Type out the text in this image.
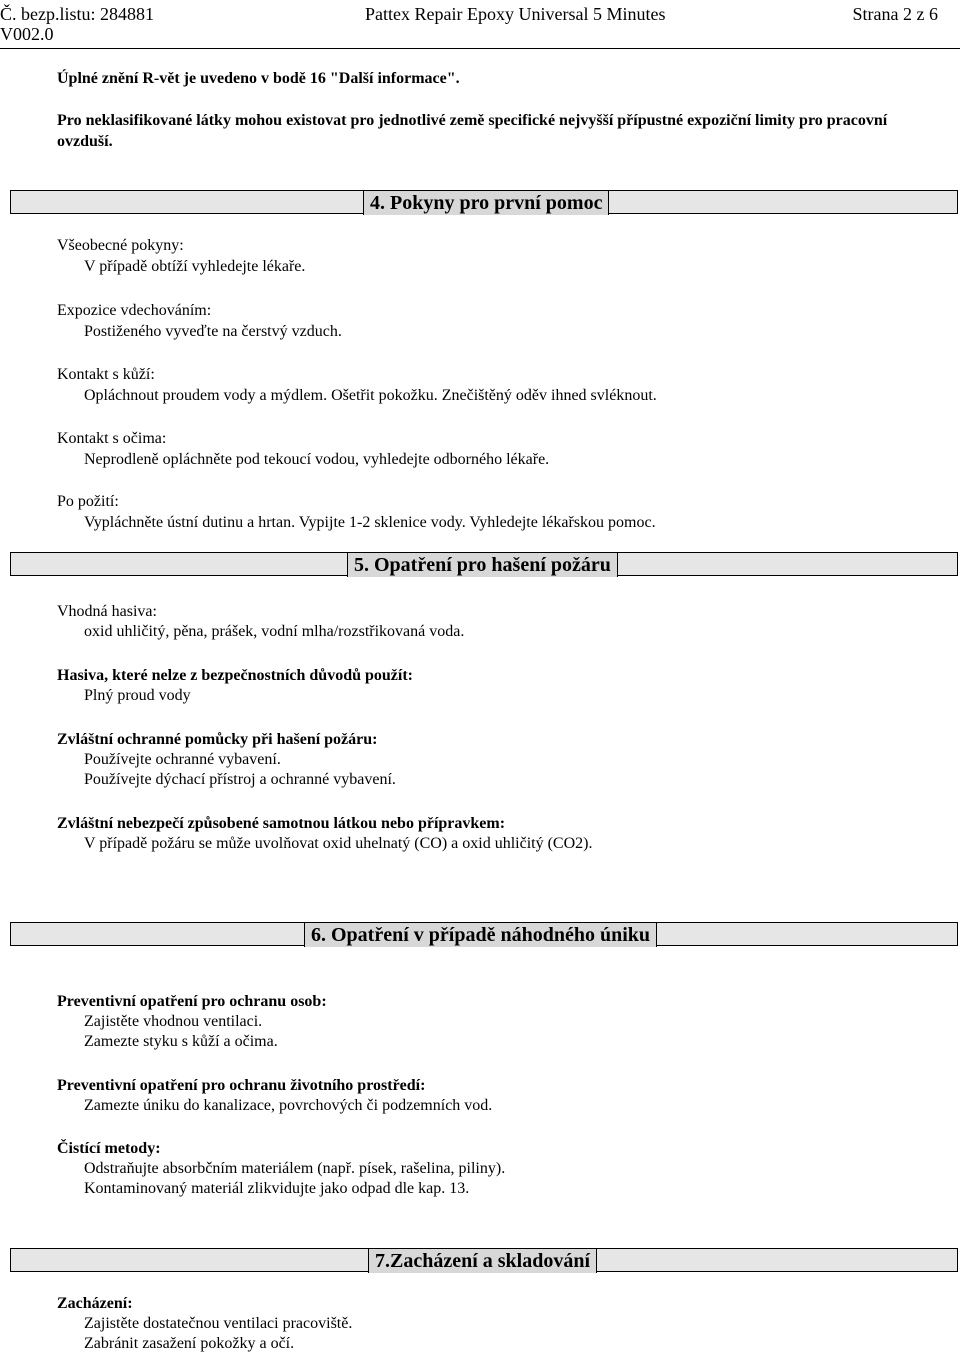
Č. bezp.listu: 284881
V002.0
Pattex Repair Epoxy Universal 5 Minutes	Strana 2 z 6
Úplné znění R-vět je uvedeno v bodě 16 "Další informace".
Pro neklasifikované látky mohou existovat pro jednotlivé země specifické nejvyšší přípustné expoziční limity pro pracovní
ovzduší.
4. Pokyny pro první pomoc
Všeobecné pokyny:
V případě obtíží vyhledejte lékaře.
Expozice vdechováním:
Postiženého vyveďte na čerstvý vzduch.
Kontakt s kůží:
Opláchnout proudem vody a mýdlem. Ošetřit pokožku. Znečištěný oděv ihned svléknout.
Kontakt s očima:
Neprodleně opláchněte pod tekoucí vodou, vyhledejte odborného lékaře.
Po požití:
Vypláchněte ústní dutinu a hrtan. Vypijte 1-2 sklenice vody. Vyhledejte lékařskou pomoc.
5. Opatření pro hašení požáru
Vhodná hasiva:
oxid uhličitý, pěna, prášek, vodní mlha/rozstřikovaná voda.
Hasiva, které nelze z bezpečnostních důvodů použít:
Plný proud vody
Zvláštní ochranné pomůcky při hašení požáru:
Používejte ochranné vybavení.
Používejte dýchací přístroj a ochranné vybavení.
Zvláštní nebezpečí způsobené samotnou látkou nebo přípravkem:
V případě požáru se může uvolňovat oxid uhelnatý (CO) a oxid uhličitý (CO2).
6. Opatření v případě náhodného úniku
Preventivní opatření pro ochranu osob:
Zajistěte vhodnou ventilaci.
Zamezte styku s kůží a očima.
Preventivní opatření pro ochranu životního prostředí:
Zamezte úniku do kanalizace, povrchových či podzemních vod.
Čistící metody:
Odstraňujte absorbčním materiálem (např. písek, rašelina, piliny).
Kontaminovaný materiál zlikvidujte jako odpad dle kap. 13.
7.Zacházení a skladování
Zacházení:
Zajistěte dostatečnou ventilaci pracoviště.
Zabránit zasažení pokožky a očí.
